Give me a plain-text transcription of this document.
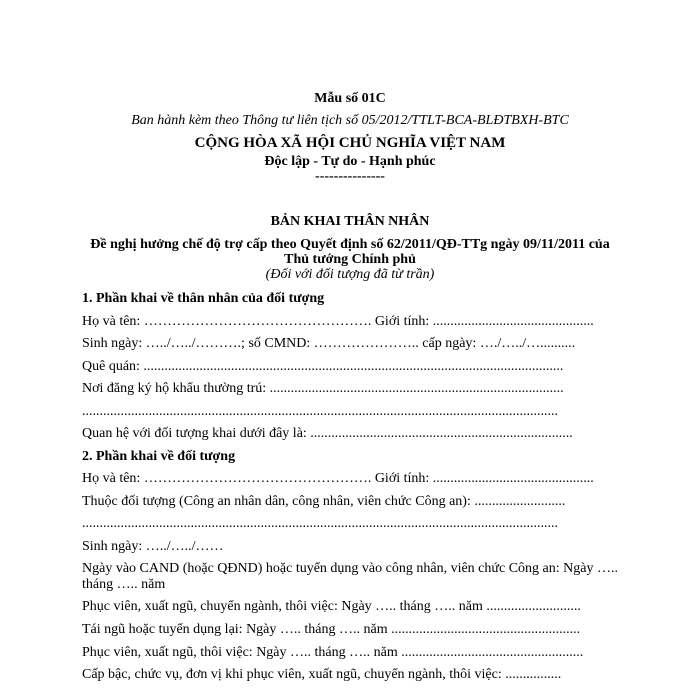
Mẫu số 01C
Ban hành kèm theo Thông tư liên tịch số 05/2012/TTLT-BCA-BLĐTBXH-BTC
CỘNG HÒA XÃ HỘI CHỦ NGHĨA VIỆT NAM
Độc lập - Tự do - Hạnh phúc
---------------
BẢN KHAI THÂN NHÂN
Đề nghị hưởng chế độ trợ cấp theo Quyết định số 62/2011/QĐ-TTg ngày 09/11/2011 của
Thủ tướng Chính phủ
(Đối với đối tượng đã từ trần)
1. Phần khai về thân nhân của đối tượng
Họ và tên: …………………………………………. Giới tính: ..............................................
Sinh ngày: …../…../……….; số CMND: ………………….. cấp ngày: …./…../…..........
Quê quán: ........................................................................................................................
Nơi đăng ký hộ khẩu thường trú: ....................................................................................
........................................................................................................................................
Quan hệ với đối tượng khai dưới đây là: ...........................................................................
2. Phần khai về đối tượng
Họ và tên: …………………………………………. Giới tính: ..............................................
Thuộc đối tượng (Công an nhân dân, công nhân, viên chức Công an): ..........................
........................................................................................................................................
Sinh ngày: …../…../……
Ngày vào CAND (hoặc QĐND) hoặc tuyển dụng vào công nhân, viên chức Công an: Ngày …..
tháng ….. năm
Phục viên, xuất ngũ, chuyển ngành, thôi việc: Ngày ….. tháng ….. năm ...........................
Tái ngũ hoặc tuyển dụng lại: Ngày ….. tháng ….. năm ......................................................
Phục viên, xuất ngũ, thôi việc: Ngày ….. tháng ….. năm ....................................................
Cấp bậc, chức vụ, đơn vị khi phục viên, xuất ngũ, chuyển ngành, thôi việc: ................
